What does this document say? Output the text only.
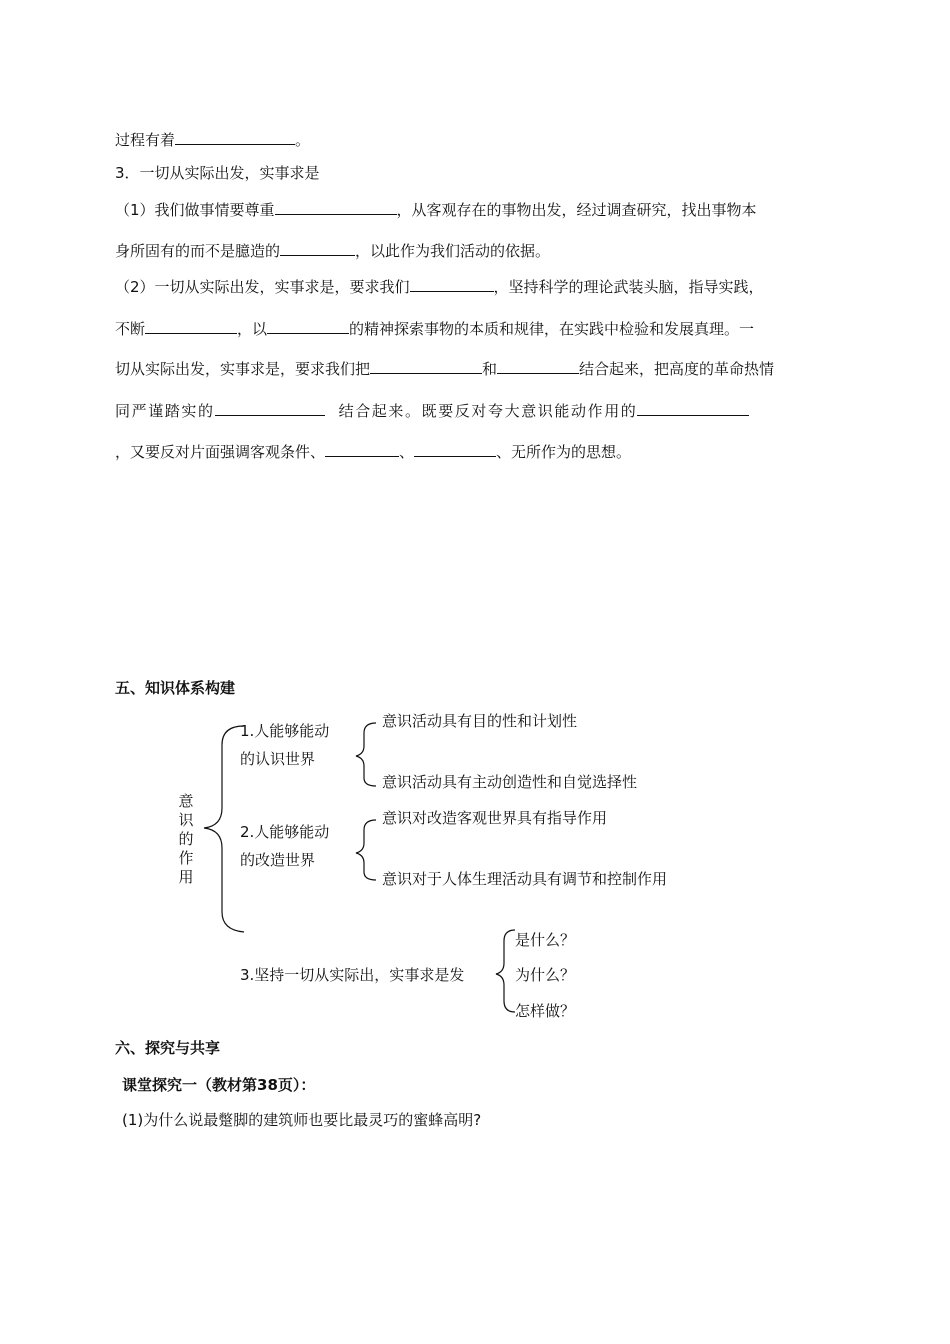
过程有着	。
3．一切从实际出发，实事求是
（1）我们做事情要尊重	，从客观存在的事物出发，经过调查研究，找出事物本
身所固有的而不是臆造的	，以此作为我们活动的依据。
（2）一切从实际出发，实事求是，要求我们	，坚持科学的理论武装头脑，指导实践，
不断	，以	的精神探索事物的本质和规律，在实践中检验和发展真理。一
切从实际出发，实事求是，要求我们把	和	结合起来，把高度的革命热情
同严谨踏实的	结合起来。既要反对夸大意识能动作用的
，又要反对片面强调客观条件、	、	、无所作为的思想。
五、知识体系构建
意识的作用
1.人能够能动
的认识世界
意识活动具有目的性和计划性
意识活动具有主动创造性和自觉选择性
2.人能够能动
的改造世界
意识对改造客观世界具有指导作用
意识对于人体生理活动具有调节和控制作用
3.坚持一切从实际出，实事求是发
是什么？
为什么？
怎样做？
六、探究与共享
课堂探究一（教材第38页）：
(1)为什么说最蹩脚的建筑师也要比最灵巧的蜜蜂高明?
